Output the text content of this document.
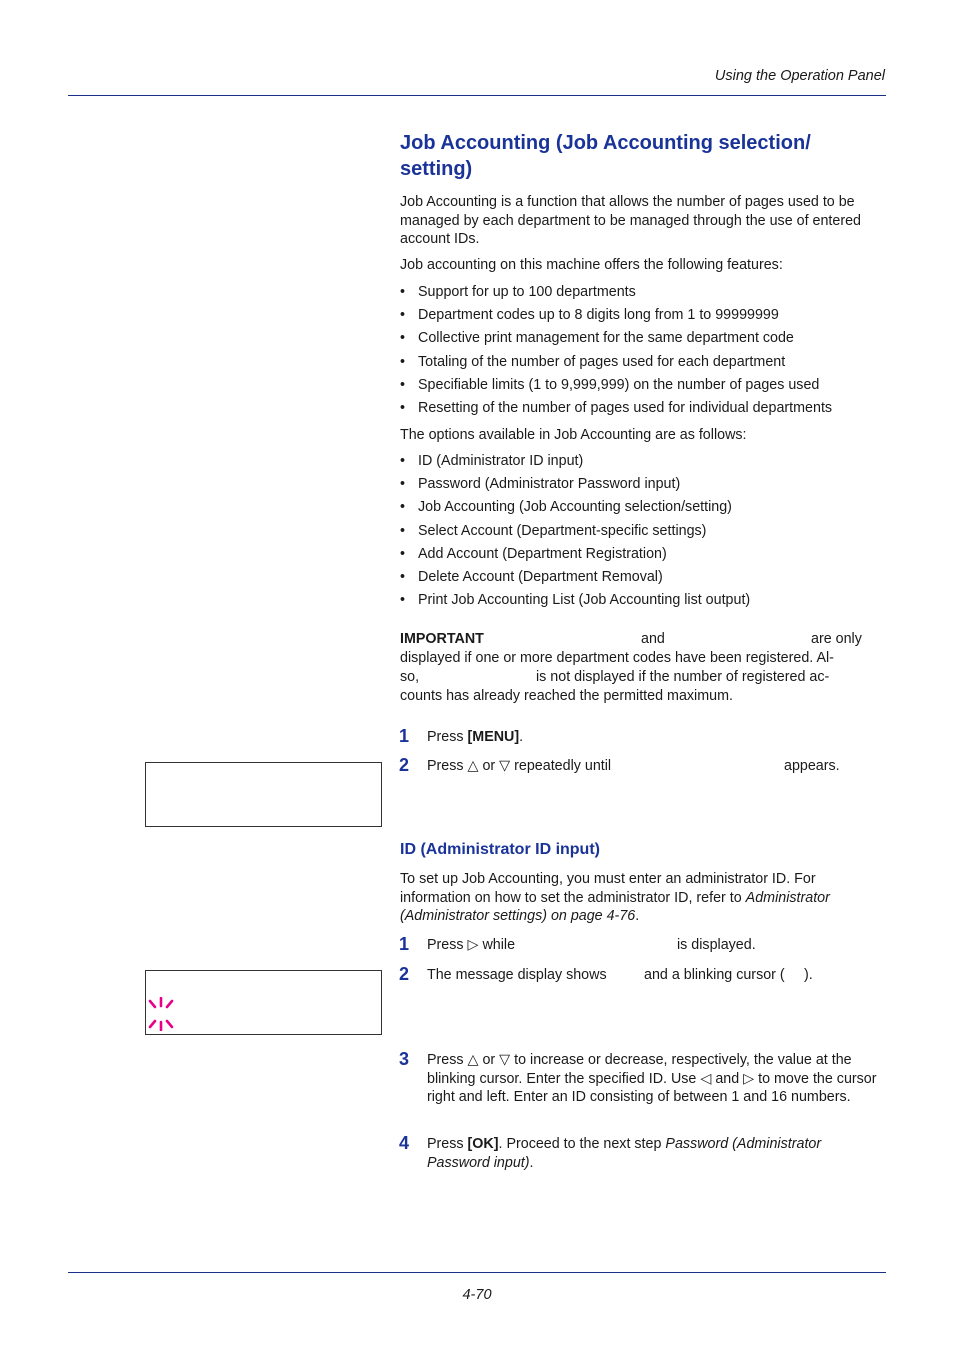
Using the Operation Panel
Job Accounting (Job Accounting selection/ setting)
Job Accounting is a function that allows the number of pages used to be managed by each department to be managed through the use of entered account IDs.
Job accounting on this machine offers the following features:
• Support for up to 100 departments
• Department codes up to 8 digits long from 1 to 99999999
• Collective print management for the same department code
• Totaling of the number of pages used for each department
• Specifiable limits (1 to 9,999,999) on the number of pages used
• Resetting of the number of pages used for individual departments
The options available in Job Accounting are as follows:
• ID (Administrator ID input)
• Password (Administrator Password input)
• Job Accounting (Job Accounting selection/setting)
• Select Account (Department-specific settings)
• Add Account (Department Registration)
• Delete Account (Department Removal)
• Print Job Accounting List (Job Accounting list output)
IMPORTANT	and	are only
displayed if one or more department codes have been registered. Al-
so,	is not displayed if the number of registered ac-
counts has already reached the permitted maximum.
1 Press [MENU].
2 Press △ or ▽ repeatedly until	appears.
ID (Administrator ID input)
To set up Job Accounting, you must enter an administrator ID. For information on how to set the administrator ID, refer to Administrator (Administrator settings) on page 4-76.
1 Press ▷ while	is displayed.
2 The message display shows	and a blinking cursor ( ).
3 Press △ or ▽ to increase or decrease, respectively, the value at the blinking cursor. Enter the specified ID. Use ◁ and ▷ to move the cursor right and left. Enter an ID consisting of between 1 and 16 numbers.
4 Press [OK]. Proceed to the next step Password (Administrator Password input).
4-70
